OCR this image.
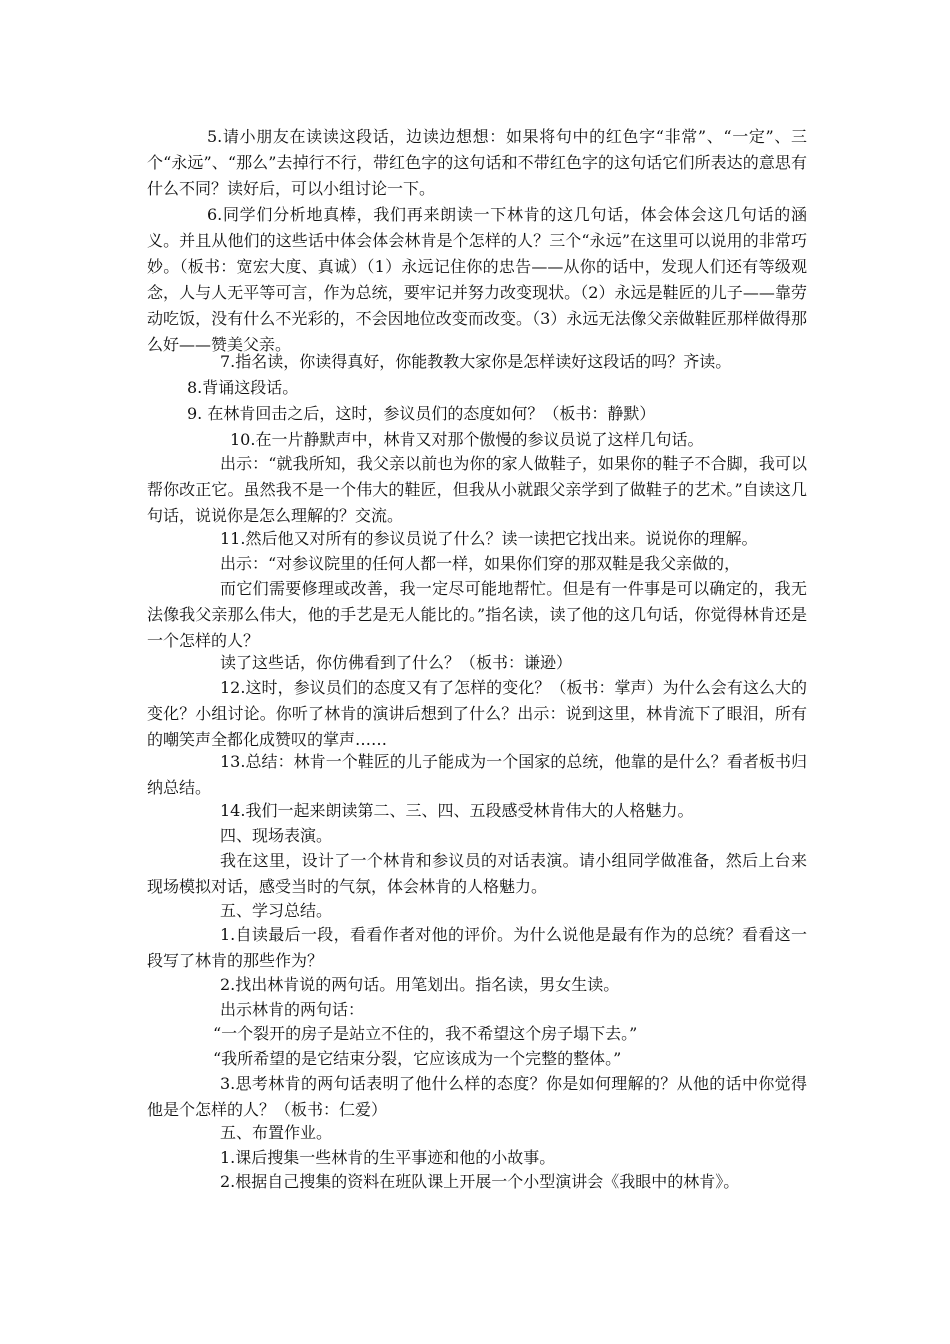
5.请小朋友在读读这段话，边读边想想：如果将句中的红色字“非常”、“一定”、三个“永远”、“那么”去掉行不行，带红色字的这句话和不带红色字的这句话它们所表达的意思有什么不同？读好后，可以小组讨论一下。

6.同学们分析地真棒，我们再来朗读一下林肯的这几句话，体会体会这几句话的涵义。并且从他们的这些话中体会体会林肯是个怎样的人？三个“永远”在这里可以说用的非常巧妙。（板书：宽宏大度、真诚）（1）永远记住你的忠告——从你的话中，发现人们还有等级观念，人与人无平等可言，作为总统，要牢记并努力改变现状。（2）永远是鞋匠的儿子——靠劳动吃饭，没有什么不光彩的，不会因地位改变而改变。（3）永远无法像父亲做鞋匠那样做得那么好——赞美父亲。

7.指名读，你读得真好，你能教教大家你是怎样读好这段话的吗？齐读。

8.背诵这段话。

9. 在林肯回击之后，这时，参议员们的态度如何？（板书：静默）

10.在一片静默声中，林肯又对那个傲慢的参议员说了这样几句话。

出示：“就我所知，我父亲以前也为你的家人做鞋子，如果你的鞋子不合脚，我可以帮你改正它。虽然我不是一个伟大的鞋匠，但我从小就跟父亲学到了做鞋子的艺术。”自读这几句话，说说你是怎么理解的？交流。

11.然后他又对所有的参议员说了什么？读一读把它找出来。说说你的理解。

出示：“对参议院里的任何人都一样，如果你们穿的那双鞋是我父亲做的，

而它们需要修理或改善，我一定尽可能地帮忙。但是有一件事是可以确定的，我无法像我父亲那么伟大，他的手艺是无人能比的。”指名读，读了他的这几句话，你觉得林肯还是一个怎样的人？

读了这些话，你仿佛看到了什么？（板书：谦逊）

12.这时，参议员们的态度又有了怎样的变化？（板书：掌声）为什么会有这么大的变化？小组讨论。你听了林肯的演讲后想到了什么？出示：说到这里，林肯流下了眼泪，所有的嘲笑声全都化成赞叹的掌声……

13.总结：林肯一个鞋匠的儿子能成为一个国家的总统，他靠的是什么？看者板书归纳总结。

14.我们一起来朗读第二、三、四、五段感受林肯伟大的人格魅力。

四、现场表演。

我在这里，设计了一个林肯和参议员的对话表演。请小组同学做准备，然后上台来现场模拟对话，感受当时的气氛，体会林肯的人格魅力。

五、学习总结。

1.自读最后一段，看看作者对他的评价。为什么说他是最有作为的总统？看看这一段写了林肯的那些作为？

2.找出林肯说的两句话。用笔划出。指名读，男女生读。

出示林肯的两句话：

“一个裂开的房子是站立不住的，我不希望这个房子塌下去。”

“我所希望的是它结束分裂，它应该成为一个完整的整体。”

3.思考林肯的两句话表明了他什么样的态度？你是如何理解的？从他的话中你觉得他是个怎样的人？（板书：仁爱）

五、布置作业。

1.课后搜集一些林肯的生平事迹和他的小故事。

2.根据自己搜集的资料在班队课上开展一个小型演讲会《我眼中的林肯》。
